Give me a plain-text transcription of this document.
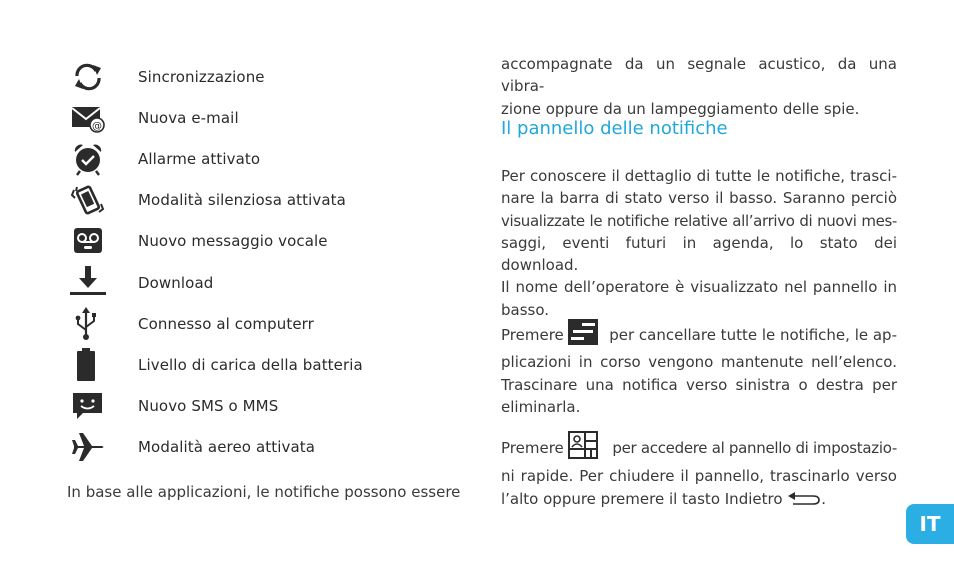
Sincronizzazione
@ Nuova e-mail
Allarme attivato
Modalità silenziosa attivata
Nuovo messaggio vocale
Download
Connesso al computerr
Livello di carica della batteria
Nuovo SMS o MMS
Modalità aereo attivata
In base alle applicazioni, le notifiche possono essere
accompagnate da un segnale acustico, da una vibra-
zione oppure da un lampeggiamento delle spie.
Il pannello delle notifiche
Per conoscere il dettaglio di tutte le notifiche, trasci-
nare la barra di stato verso il basso. Saranno perciò
visualizzate le notifiche relative all’arrivo di nuovi mes-
saggi, eventi futuri in agenda, lo stato dei download.
Il nome dell’operatore è visualizzato nel pannello in
basso.
Premere	per cancellare tutte le notifiche, le ap-
plicazioni in corso vengono mantenute nell’elenco.
Trascinare una notifica verso sinistra o destra per
eliminarla.
Premere	per accedere al pannello di impostazio-
ni rapide. Per chiudere il pannello, trascinarlo verso
l’alto oppure premere il tasto Indietro	.
IT
